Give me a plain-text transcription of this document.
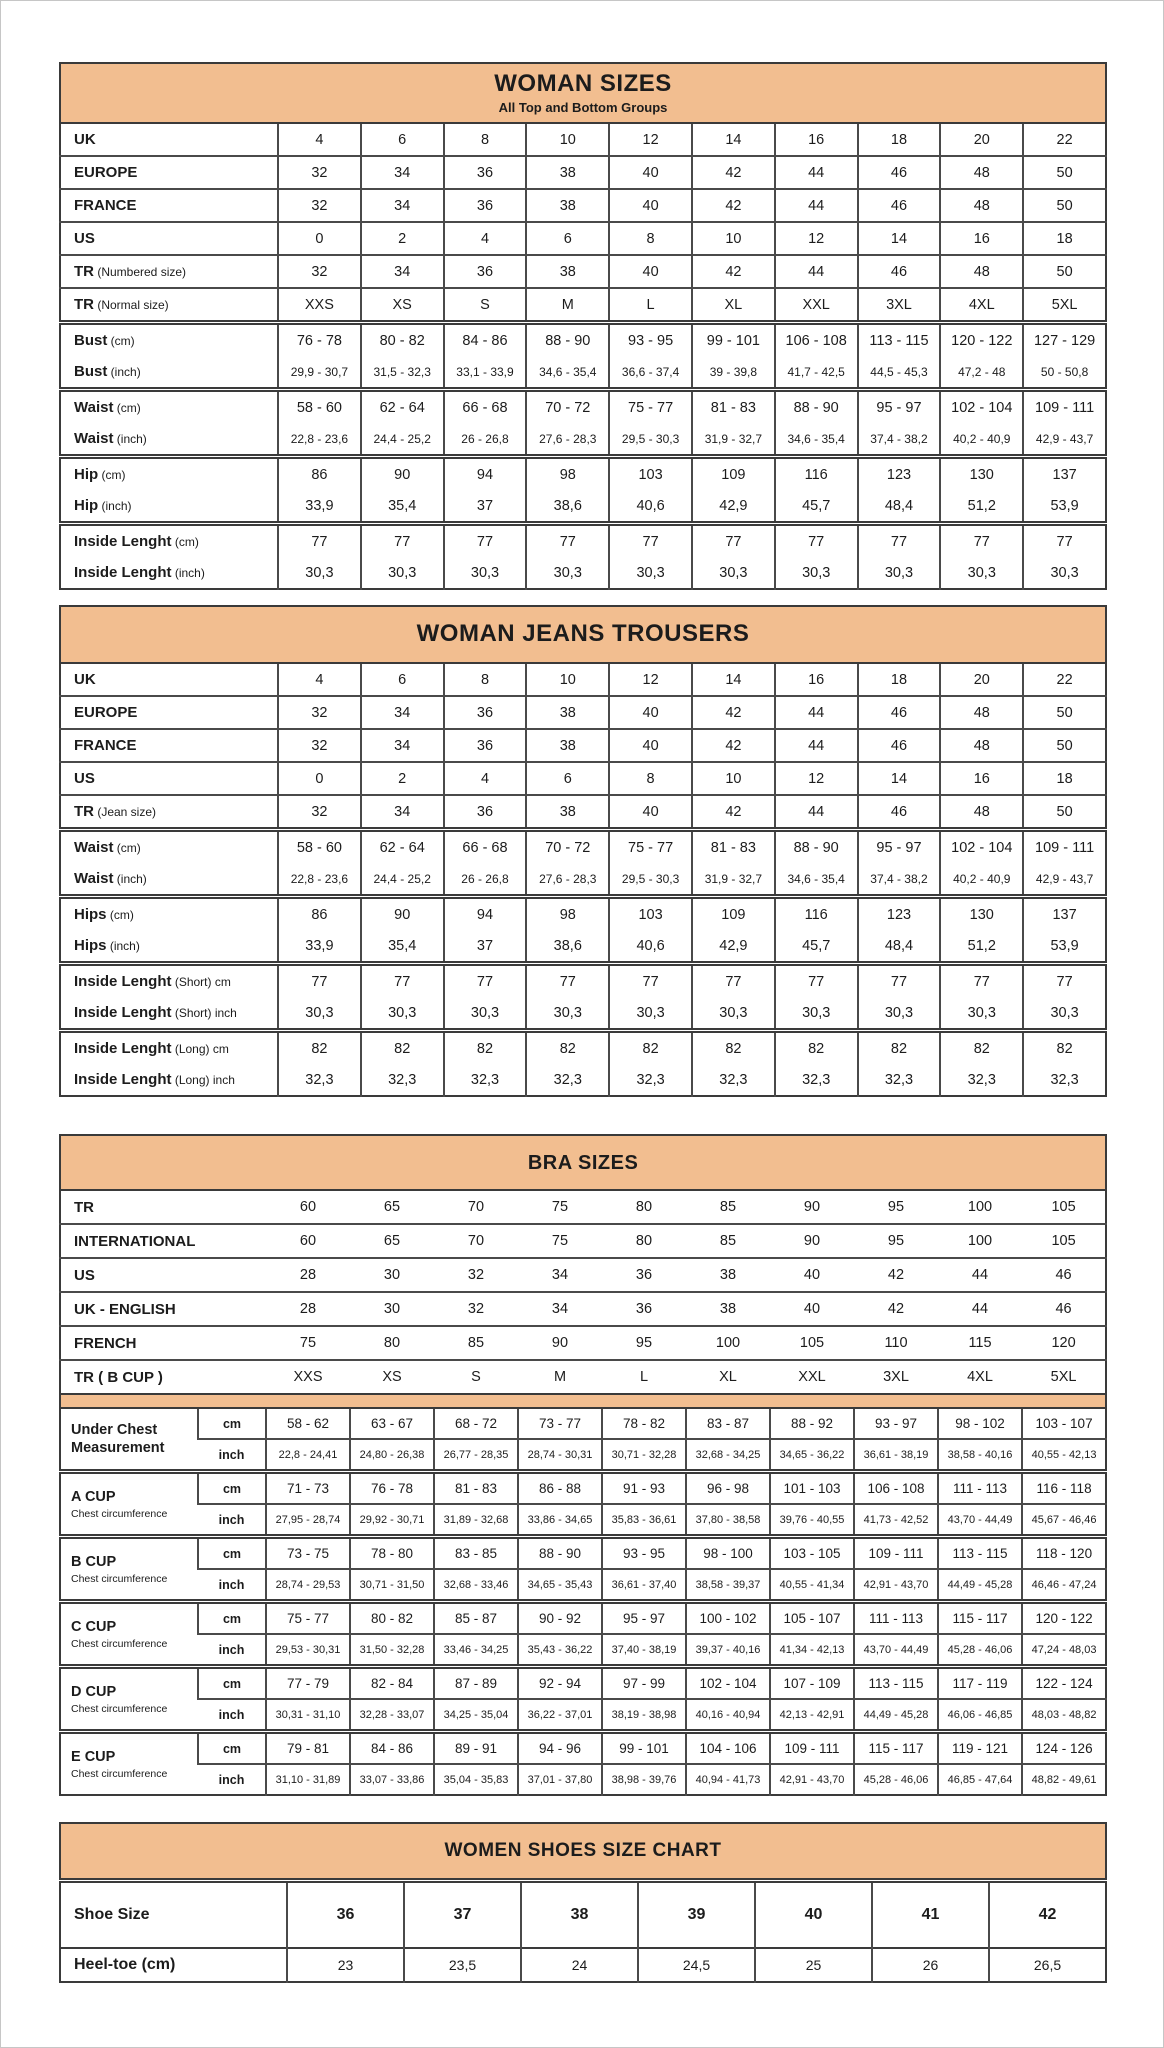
WOMAN SIZES
All Top and Bottom Groups										

UK	4	6	8	10	12	14	16	18	20	22
EUROPE	32	34	36	38	40	42	44	46	48	50
FRANCE	32	34	36	38	40	42	44	46	48	50
US	0	2	4	6	8	10	12	14	16	18
TR (Numbered size)	32	34	36	38	40	42	44	46	48	50
TR (Normal size)	XXS	XS	S	M	L	XL	XXL	3XL	4XL	5XL
Bust (cm)	76 - 78	80 - 82	84 - 86	88 - 90	93 - 95	99 - 101	106 - 108	113 - 115	120 - 122	127 - 129
Bust (inch)	29,9 - 30,7	31,5 - 32,3	33,1 - 33,9	34,6 - 35,4	36,6 - 37,4	39 - 39,8	41,7 - 42,5	44,5 - 45,3	47,2 - 48	50 - 50,8
Waist (cm)	58 - 60	62 - 64	66 - 68	70 - 72	75 - 77	81 - 83	88 - 90	95 - 97	102 - 104	109 - 111
Waist (inch)	22,8 - 23,6	24,4 - 25,2	26 - 26,8	27,6 - 28,3	29,5 - 30,3	31,9 - 32,7	34,6 - 35,4	37,4 - 38,2	40,2 - 40,9	42,9 - 43,7
Hip (cm)	86	90	94	98	103	109	116	123	130	137
Hip (inch)	33,9	35,4	37	38,6	40,6	42,9	45,7	48,4	51,2	53,9
Inside Lenght (cm)	77	77	77	77	77	77	77	77	77	77
Inside Lenght (inch)	30,3	30,3	30,3	30,3	30,3	30,3	30,3	30,3	30,3	30,3
WOMAN JEANS TROUSERS										

UK	4	6	8	10	12	14	16	18	20	22
EUROPE	32	34	36	38	40	42	44	46	48	50
FRANCE	32	34	36	38	40	42	44	46	48	50
US	0	2	4	6	8	10	12	14	16	18
TR (Jean size)	32	34	36	38	40	42	44	46	48	50
Waist (cm)	58 - 60	62 - 64	66 - 68	70 - 72	75 - 77	81 - 83	88 - 90	95 - 97	102 - 104	109 - 111
Waist (inch)	22,8 - 23,6	24,4 - 25,2	26 - 26,8	27,6 - 28,3	29,5 - 30,3	31,9 - 32,7	34,6 - 35,4	37,4 - 38,2	40,2 - 40,9	42,9 - 43,7
Hips (cm)	86	90	94	98	103	109	116	123	130	137
Hips (inch)	33,9	35,4	37	38,6	40,6	42,9	45,7	48,4	51,2	53,9
Inside Lenght (Short) cm	77	77	77	77	77	77	77	77	77	77
Inside Lenght (Short) inch	30,3	30,3	30,3	30,3	30,3	30,3	30,3	30,3	30,3	30,3
Inside Lenght (Long) cm	82	82	82	82	82	82	82	82	82	82
Inside Lenght (Long) inch	32,3	32,3	32,3	32,3	32,3	32,3	32,3	32,3	32,3	32,3
BRA SIZES											

TR		60	65	70	75	80	85	90	95	100	105
INTERNATIONAL		60	65	70	75	80	85	90	95	100	105
US		28	30	32	34	36	38	40	42	44	46
UK - ENGLISH		28	30	32	34	36	38	40	42	44	46
FRENCH		75	80	85	90	95	100	105	110	115	120
TR ( B CUP )		XXS	XS	S	M	L	XL	XXL	3XL	4XL	5XL

Under Chest
Measurement	cm	58 - 62	63 - 67	68 - 72	73 - 77	78 - 82	83 - 87	88 - 92	93 - 97	98 - 102	103 - 107
	inch	22,8 - 24,41	24,80 - 26,38	26,77 - 28,35	28,74 - 30,31	30,71 - 32,28	32,68 - 34,25	34,65 - 36,22	36,61 - 38,19	38,58 - 40,16	40,55 - 42,13

A CUP
Chest circumference	cm	71 - 73	76 - 78	81 - 83	86 - 88	91 - 93	96 - 98	101 - 103	106 - 108	111 - 113	116 - 118
	inch	27,95 - 28,74	29,92 - 30,71	31,89 - 32,68	33,86 - 34,65	35,83 - 36,61	37,80 - 38,58	39,76 - 40,55	41,73 - 42,52	43,70 - 44,49	45,67 - 46,46

B CUP
Chest circumference	cm	73 - 75	78 - 80	83 - 85	88 - 90	93 - 95	98 - 100	103 - 105	109 - 111	113 - 115	118 - 120
	inch	28,74 - 29,53	30,71 - 31,50	32,68 - 33,46	34,65 - 35,43	36,61 - 37,40	38,58 - 39,37	40,55 - 41,34	42,91 - 43,70	44,49 - 45,28	46,46 - 47,24

C CUP
Chest circumference	cm	75 - 77	80 - 82	85 - 87	90 - 92	95 - 97	100 - 102	105 - 107	111 - 113	115 - 117	120 - 122
	inch	29,53 - 30,31	31,50 - 32,28	33,46 - 34,25	35,43 - 36,22	37,40 - 38,19	39,37 - 40,16	41,34 - 42,13	43,70 - 44,49	45,28 - 46,06	47,24 - 48,03

D CUP
Chest circumference	cm	77 - 79	82 - 84	87 - 89	92 - 94	97 - 99	102 - 104	107 - 109	113 - 115	117 - 119	122 - 124
	inch	30,31 - 31,10	32,28 - 33,07	34,25 - 35,04	36,22 - 37,01	38,19 - 38,98	40,16 - 40,94	42,13 - 42,91	44,49 - 45,28	46,06 - 46,85	48,03 - 48,82

E CUP
Chest circumference	cm	79 - 81	84 - 86	89 - 91	94 - 96	99 - 101	104 - 106	109 - 111	115 - 117	119 - 121	124 - 126
	inch	31,10 - 31,89	33,07 - 33,86	35,04 - 35,83	37,01 - 37,80	38,98 - 39,76	40,94 - 41,73	42,91 - 43,70	45,28 - 46,06	46,85 - 47,64	48,82 - 49,61
WOMEN SHOES SIZE CHART							

Shoe Size	36	37	38	39	40	41	42
Heel-toe (cm)	23	23,5	24	24,5	25	26	26,5
